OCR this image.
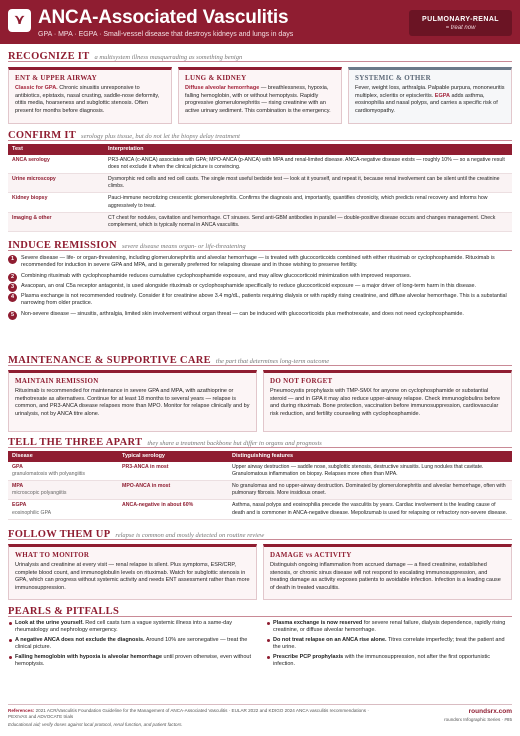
⋎ ANCA-Associated Vasculitis
GPA · MPA · EGPA · Small-vessel disease that destroys kidneys and lungs in days
PULMONARY-RENAL
= treat now
RECOGNIZE IT a multisystem illness masquerading as something benign
ENT & UPPER AIRWAY
Classic for GPA. Chronic sinusitis unresponsive to antibiotics, epistaxis, nasal crusting, saddle-nose deformity, otitis media, hoarseness and subglottic stenosis. Often present for months before diagnosis.
LUNG & KIDNEY
Diffuse alveolar hemorrhage — breathlessness, hypoxia, falling hemoglobin, with or without hemoptysis. Rapidly progressive glomerulonephritis — rising creatinine with an active urinary sediment. This combination is the emergency.
SYSTEMIC & OTHER
Fever, weight loss, arthralgia. Palpable purpura, mononeuritis multiplex, scleritis or episcleritis. EGPA adds asthma, eosinophilia and nasal polyps, and carries a specific risk of cardiomyopathy.
CONFIRM IT serology plus tissue, but do not let the biopsy delay treatment
Test	Interpretation
ANCA serology	PR3-ANCA (c-ANCA) associates with GPA; MPO-ANCA (p-ANCA) with MPA and renal-limited disease. ANCA-negative disease exists — roughly 10% — so a negative result does not exclude it when the clinical picture is convincing.
Urine microscopy	Dysmorphic red cells and red cell casts. The single most useful bedside test — look at it yourself, and repeat it, because renal involvement can be silent until the creatinine climbs.
Kidney biopsy	Pauci-immune necrotizing crescentic glomerulonephritis. Confirms the diagnosis and, importantly, quantifies chronicity, which predicts renal recovery and informs how aggressively to treat.
Imaging & other	CT chest for nodules, cavitation and hemorrhage. CT sinuses. Send anti-GBM antibodies in parallel — double-positive disease occurs and changes management. Check complement, which is typically normal in ANCA vasculitis.
INDUCE REMISSION severe disease means organ- or life-threatening
1	Severe disease — life- or organ-threatening, including glomerulonephritis and alveolar hemorrhage — is treated with glucocorticoids combined with either rituximab or cyclophosphamide. Rituximab is recommended for induction in severe GPA and MPA, and is generally preferred for relapsing disease and in those wishing to preserve fertility.
2	Combining rituximab with cyclophosphamide reduces cumulative cyclophosphamide exposure, and may allow glucocorticoid minimization with improved responses.
3	Avacopan, an oral C5a receptor antagonist, is used alongside rituximab or cyclophosphamide specifically to reduce glucocorticoid exposure — a major driver of long-term harm in this disease.
4	Plasma exchange is not recommended routinely. Consider it for creatinine above 3.4 mg/dL, patients requiring dialysis or with rapidly rising creatinine, and diffuse alveolar hemorrhage. This is a substantial narrowing from older practice.
5	Non-severe disease — sinusitis, arthralgia, limited skin involvement without organ threat — can be induced with glucocorticoids plus methotrexate, and does not need cyclophosphamide.
MAINTENANCE & SUPPORTIVE CARE the part that determines long-term outcome
MAINTAIN REMISSION
Rituximab is recommended for maintenance in severe GPA and MPA, with azathioprine or methotrexate as alternatives. Continue for at least 18 months to several years — relapse is common, and PR3-ANCA disease relapses more than MPO. Monitor for relapse clinically and by urinalysis, not by ANCA titre alone.
DO NOT FORGET
Pneumocystis prophylaxis with TMP-SMX for anyone on cyclophosphamide or substantial steroid — and in GPA it may also reduce upper-airway relapse. Check immunoglobulins before and during rituximab. Bone protection, vaccination before immunosuppression, cardiovascular risk reduction, and fertility counseling with cyclophosphamide.
TELL THE THREE APART they share a treatment backbone but differ in organs and prognosis
Disease	Typical serology	Distinguishing features
GPA
granulomatosis with polyangiitis	PR3-ANCA in most	Upper airway destruction — saddle nose, subglottic stenosis, destructive sinusitis. Lung nodules that cavitate. Granulomatous inflammation on biopsy. Relapses more often than MPA.
MPA
microscopic polyangiitis	MPO-ANCA in most	No granulomas and no upper-airway destruction. Dominated by glomerulonephritis and alveolar hemorrhage, often with pulmonary fibrosis. More insidious onset.
EGPA
eosinophilic GPA	ANCA-negative in about 60%	Asthma, nasal polyps and eosinophilia precede the vasculitis by years. Cardiac involvement is the leading cause of death and is commoner in ANCA-negative disease. Mepolizumab is used for relapsing or refractory non-severe disease.
FOLLOW THEM UP relapse is common and mostly detected on routine review
WHAT TO MONITOR
Urinalysis and creatinine at every visit — renal relapse is silent. Plus symptoms, ESR/CRP, complete blood count, and immunoglobulin levels on rituximab. Watch for subglottic stenosis in GPA, which can progress without systemic activity and needs ENT assessment rather than more immunosuppression.
DAMAGE vs ACTIVITY
Distinguish ongoing inflammation from accrued damage — a fixed creatinine, established stenosis, or chronic sinus disease will not respond to escalating immunosuppression, and treating damage as activity exposes patients to avoidable infection. Infection is a leading cause of death in treated vasculitis.
PEARLS & PITFALLS
Look at the urine yourself. Red cell casts turn a vague systemic illness into a same-day rheumatology and nephrology emergency.
A negative ANCA does not exclude the diagnosis. Around 10% are seronegative — treat the clinical picture.
Falling hemoglobin with hypoxia is alveolar hemorrhage until proven otherwise, even without hemoptysis.
Plasma exchange is now reserved for severe renal failure, dialysis dependence, rapidly rising creatinine, or diffuse alveolar hemorrhage.
Do not treat relapse on an ANCA rise alone. Titres correlate imperfectly; treat the patient and the urine.
Prescribe PCP prophylaxis with the immunosuppression, not after the first opportunistic infection.
References: 2021 ACR/Vasculitis Foundation Guideline for the Management of ANCA-Associated Vasculitis · EULAR 2022 and KDIGO 2024 ANCA vasculitis recommendations · PEXIVAS and ADVOCATE trials
Educational aid; verify doses against local protocol, renal function, and patient factors.
roundsrx.com
roundsrx Infographic Series · #85
